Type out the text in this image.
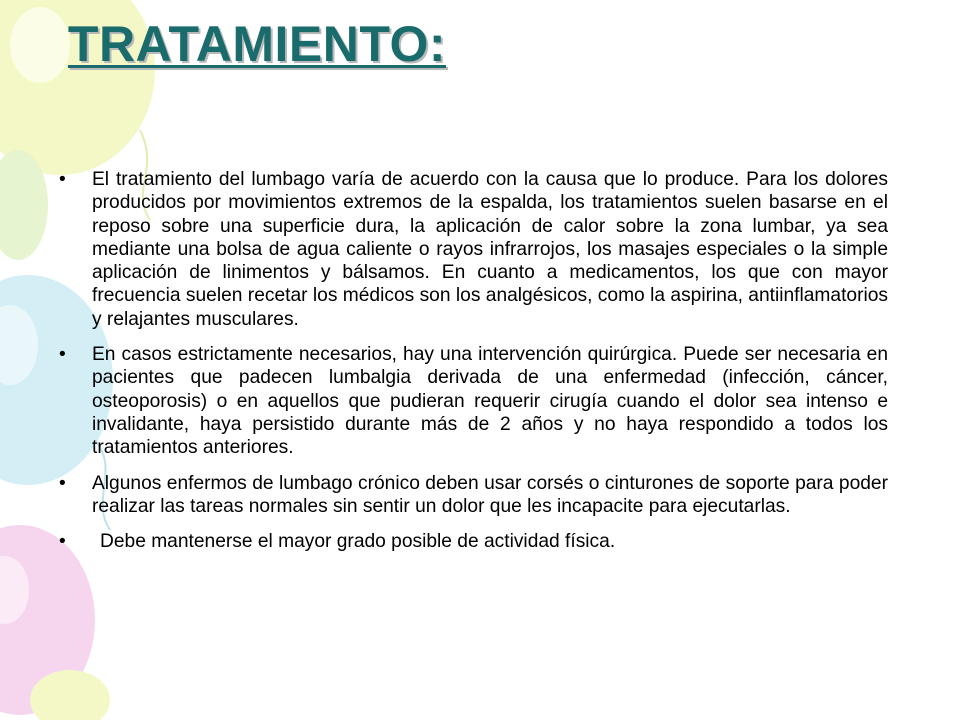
TRATAMIENTO:
• El tratamiento del lumbago varía de acuerdo con la causa que lo produce. Para los dolores producidos por movimientos extremos de la espalda, los tratamientos suelen basarse en el reposo sobre una superficie dura, la aplicación de calor sobre la zona lumbar, ya sea mediante una bolsa de agua caliente o rayos infrarrojos, los masajes especiales o la simple aplicación de linimentos y bálsamos. En cuanto a medicamentos, los que con mayor frecuencia suelen recetar los médicos son los analgésicos, como la aspirina, antiinflamatorios y relajantes musculares.
• En casos estrictamente necesarios, hay una intervención quirúrgica. Puede ser necesaria en pacientes que padecen lumbalgia derivada de una enfermedad (infección, cáncer, osteoporosis) o en aquellos que pudieran requerir cirugía cuando el dolor sea intenso e invalidante, haya persistido durante más de 2 años y no haya respondido a todos los tratamientos anteriores.
• Algunos enfermos de lumbago crónico deben usar corsés o cinturones de soporte para poder realizar las tareas normales sin sentir un dolor que les incapacite para ejecutarlas.
• Debe mantenerse el mayor grado posible de actividad física.
